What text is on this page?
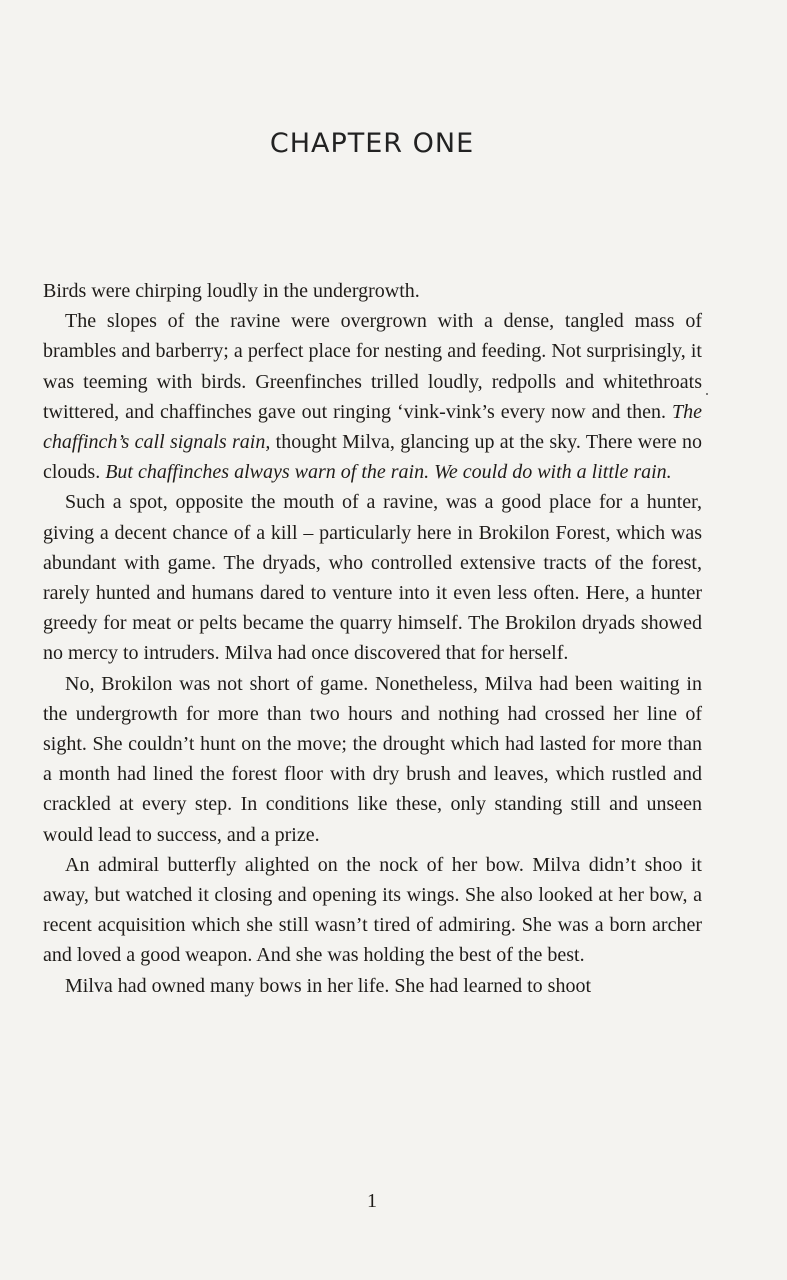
CHAPTER ONE

Birds were chirping loudly in the undergrowth.

The slopes of the ravine were overgrown with a dense, tangled mass of brambles and barberry; a perfect place for nesting and feeding. Not surprisingly, it was teeming with birds. Greenfinches trilled loudly, redpolls and whitethroats twittered, and chaffinches gave out ringing ‘vink-vink’s every now and then. The chaffinch’s call signals rain, thought Milva, glancing up at the sky. There were no clouds. But chaffinches always warn of the rain. We could do with a little rain.

Such a spot, opposite the mouth of a ravine, was a good place for a hunter, giving a decent chance of a kill – particularly here in Brokilon Forest, which was abundant with game. The dryads, who controlled extensive tracts of the forest, rarely hunted and humans dared to venture into it even less often. Here, a hunter greedy for meat or pelts became the quarry himself. The Brokilon dryads showed no mercy to intruders. Milva had once discovered that for herself.

No, Brokilon was not short of game. Nonetheless, Milva had been waiting in the undergrowth for more than two hours and nothing had crossed her line of sight. She couldn’t hunt on the move; the drought which had lasted for more than a month had lined the forest floor with dry brush and leaves, which rustled and crackled at every step. In conditions like these, only standing still and unseen would lead to success, and a prize.

An admiral butterfly alighted on the nock of her bow. Milva didn’t shoo it away, but watched it closing and opening its wings. She also looked at her bow, a recent acquisition which she still wasn’t tired of admiring. She was a born archer and loved a good weapon. And she was holding the best of the best.

Milva had owned many bows in her life. She had learned to shoot

1
